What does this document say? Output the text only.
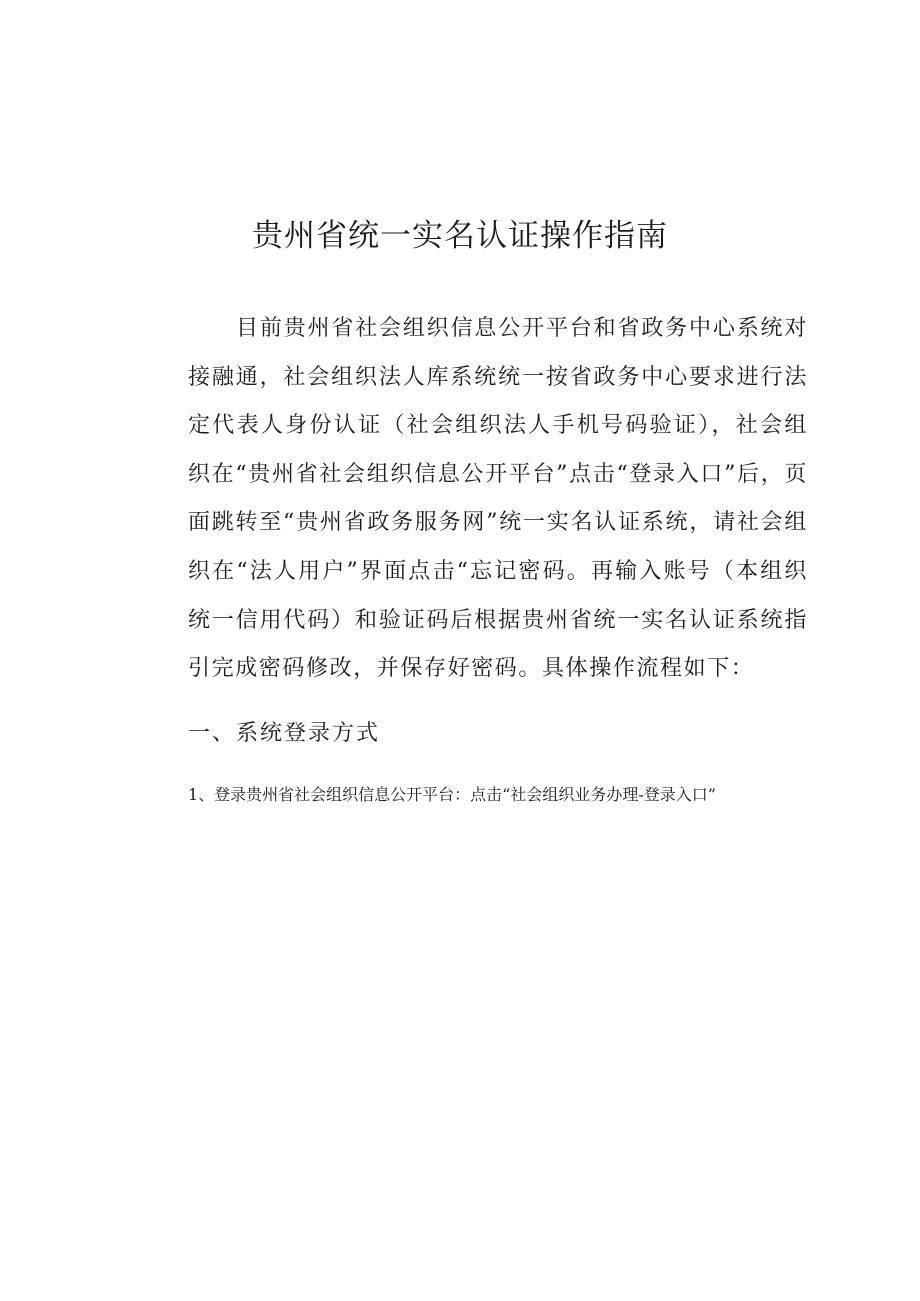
贵州省统一实名认证操作指南

目前贵州省社会组织信息公开平台和省政务中心系统对接融通，社会组织法人库系统统一按省政务中心要求进行法定代表人身份认证（社会组织法人手机号码验证），社会组织在“贵州省社会组织信息公开平台”点击“登录入口”后，页面跳转至“贵州省政务服务网”统一实名认证系统，请社会组织在“法人用户”界面点击“忘记密码。再输入账号（本组织统一信用代码）和验证码后根据贵州省统一实名认证系统指引完成密码修改，并保存好密码。具体操作流程如下：

一、系统登录方式

1、登录贵州省社会组织信息公开平台：点击“社会组织业务办理-登录入口”
